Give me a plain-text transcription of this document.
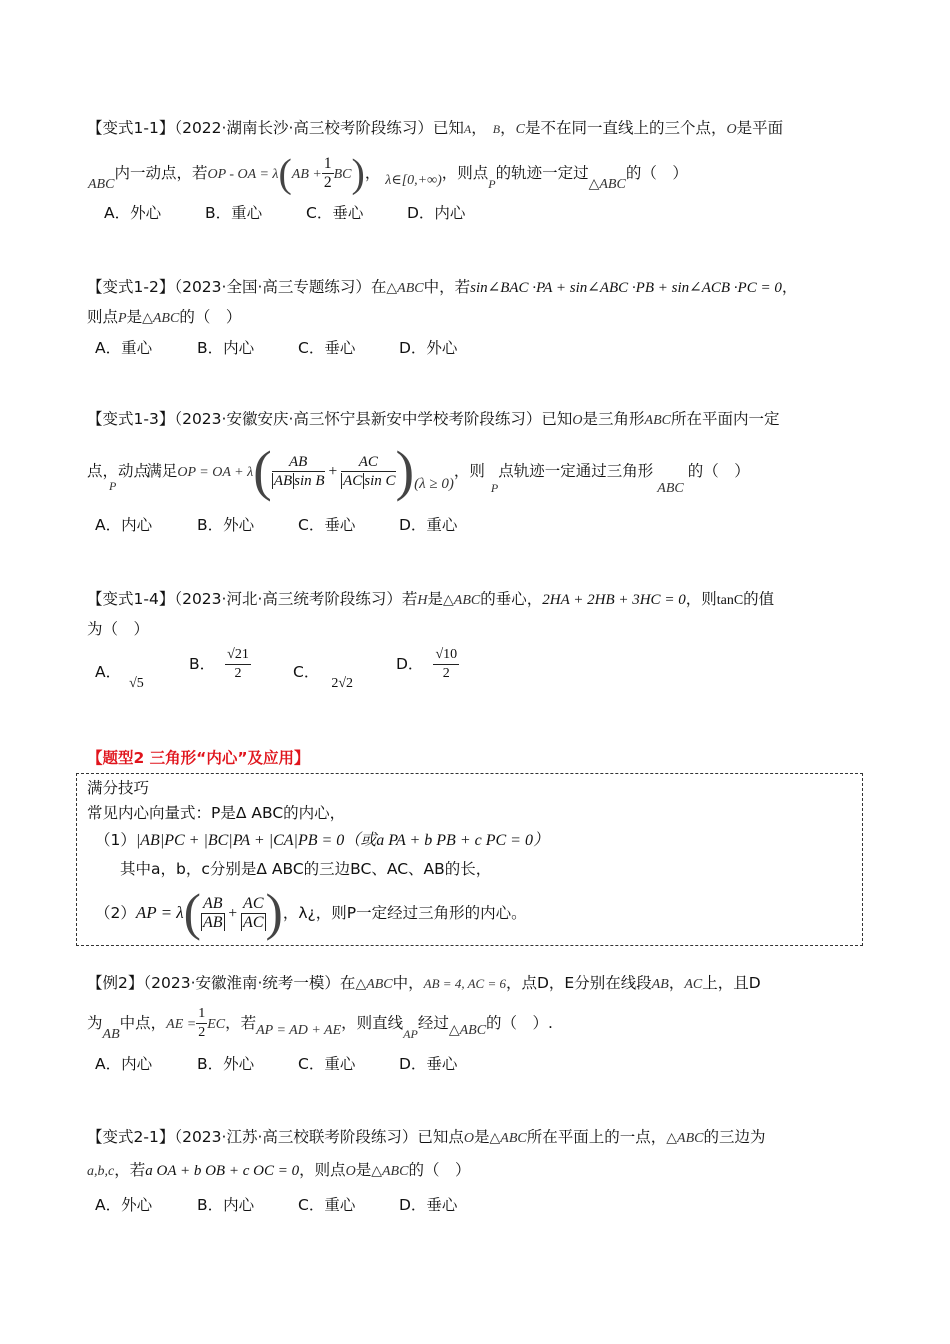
【变式1-1】（2022·湖南长沙·高三校考阶段练习）已知A， B，C是不在同一直线上的三个点，O是平面
ABC内一动点，若OP - OA = $\lambda(AB + \frac{1}{2} BC)$， λ∈[0,+∞)，则点$_P$的轨迹一定过△ABC的（　）
A．外心	B．重心	C．垂心	D．内心
【变式1-2】（2023·全国·高三专题练习）在△ABC中，若sin∠BAC ·PA + sin∠ABC ·PB + sin∠ACB ·PC = 0，
则点P是△ABC的（　）
A．重心	B．内心	C．垂心	D．外心
【变式1-3】（2023·安徽安庆·高三怀宁县新安中学校考阶段练习）已知O是三角形ABC所在平面内一定
点，动点$_P$满足OP = OA + $\lambda( \frac{AB}{\text{AB sin B}} + \frac{AC}{\text{AC sin C}} )(\lambda \ge 0)$，则$_P$点轨迹一定通过三角形ABC的（　）
A．内心	B．外心	C．垂心	D．重心
【变式1-4】（2023·河北·高三统考阶段练习）若H是△ABC的垂心，2HA + 2HB + 3HC = 0，则tanC的值
为（　）
A．√5
B． $\frac{√21}{2}$	C．2√2
D． $\frac{√10}{2}$
【题型2 三角形“内心”及应用】
满分技巧
常见内心向量式：P是Δ ABC的内心，
（1）|AB|PC + |BC|PA + |CA|PB = 0（或a PA + b PB + c PC = 0）
其中a，b，c分别是Δ ABC的三边BC、AC、AB的长，
$(2)AP = \lambda( \frac{AB}{AB} + \frac{AC}{AC}$ )，λ¿，则P一定经过三角形的内心。
【例2】（2023·安徽淮南·统考一模）在△ABC中，AB = 4, AC = 6，点D，E分别在线段AB，AC上，且D
为AB中点，AE = $\frac{1}{2}$ EC，若AP = AD + AE，则直线$_{AP}$经过△ABC的（　）.
A．内心	B．外心	C．重心	D．垂心
【变式2-1】（2023·江苏·高三校联考阶段练习）已知点O是△ABC所在平面上的一点，△ABC的三边为
a,b,c，若a OA + b OB + c OC = 0，则点O是△ABC的（　）
A．外心	B．内心	C．重心	D．垂心
